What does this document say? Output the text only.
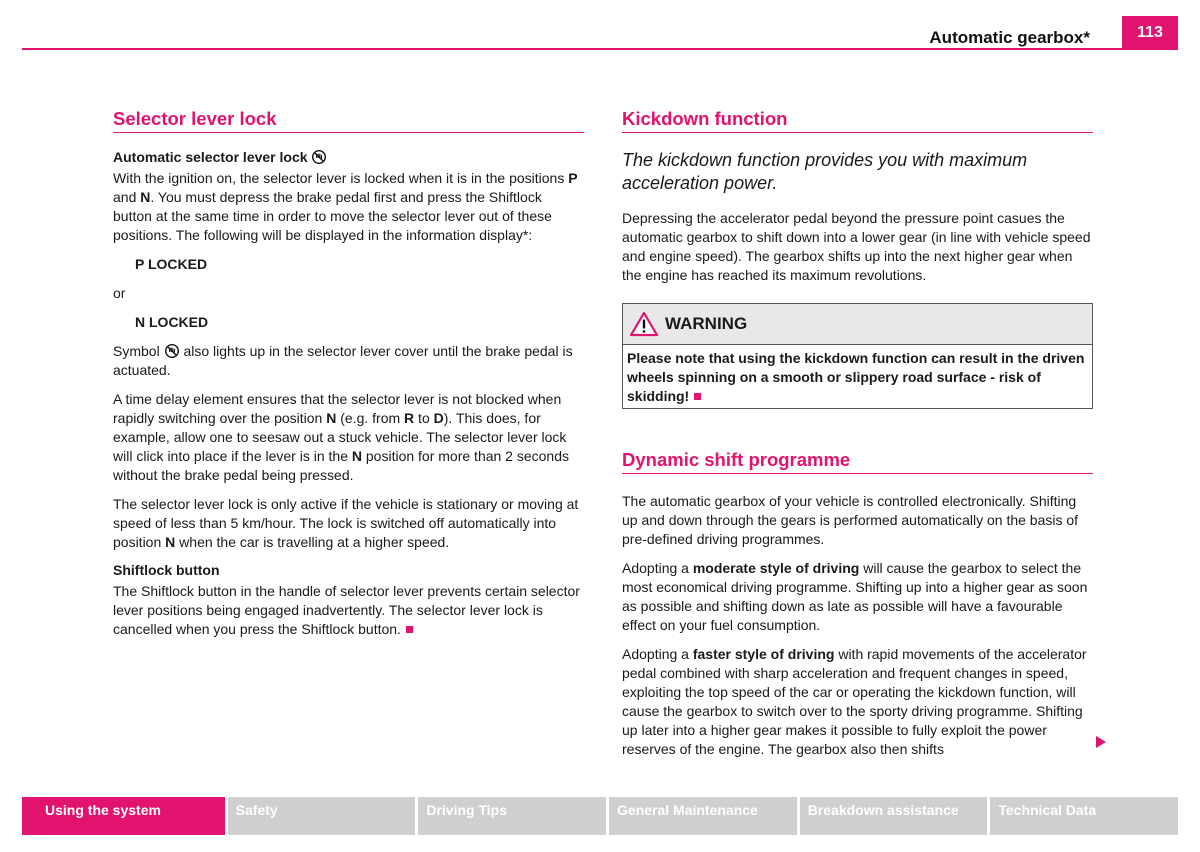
Automatic gearbox*	113
Selector lever lock
Automatic selector lever lock

With the ignition on, the selector lever is locked when it is in the positions P and N. You must depress the brake pedal first and press the Shiftlock button at the same time in order to move the selector lever out of these positions. The following will be displayed in the information display*:

P LOCKED

or

N LOCKED

Symbol  also lights up in the selector lever cover until the brake pedal is actuated.

A time delay element ensures that the selector lever is not blocked when rapidly switching over the position N (e.g. from R to D). This does, for example, allow one to seesaw out a stuck vehicle. The selector lever lock will click into place if the lever is in the N position for more than 2 seconds without the brake pedal being pressed.

The selector lever lock is only active if the vehicle is stationary or moving at speed of less than 5 km/hour. The lock is switched off automatically into position N when the car is travelling at a higher speed.

Shiftlock button

The Shiftlock button in the handle of selector lever prevents certain selector lever positions being engaged inadvertently. The selector lever lock is cancelled when you press the Shiftlock button.

Kickdown function

The kickdown function provides you with maximum acceleration power.

Depressing the accelerator pedal beyond the pressure point casues the automatic gearbox to shift down into a lower gear (in line with vehicle speed and engine speed). The gearbox shifts up into the next higher gear when the engine has reached its maximum revolutions.

WARNING

Please note that using the kickdown function can result in the driven wheels spinning on a smooth or slippery road surface - risk of skidding!

Dynamic shift programme

The automatic gearbox of your vehicle is controlled electronically. Shifting up and down through the gears is performed automatically on the basis of pre-defined driving programmes.

Adopting a moderate style of driving will cause the gearbox to select the most economical driving programme. Shifting up into a higher gear as soon as possible and shifting down as late as possible will have a favourable effect on your fuel consumption.

Adopting a faster style of driving with rapid movements of the accelerator pedal combined with sharp acceleration and frequent changes in speed, exploiting the top speed of the car or operating the kickdown function, will cause the gearbox to switch over to the sporty driving programme. Shifting up later into a higher gear makes it possible to fully exploit the power reserves of the engine. The gearbox also then shifts

Using the system	Safety	Driving Tips	General Maintenance	Breakdown assistance	Technical Data
